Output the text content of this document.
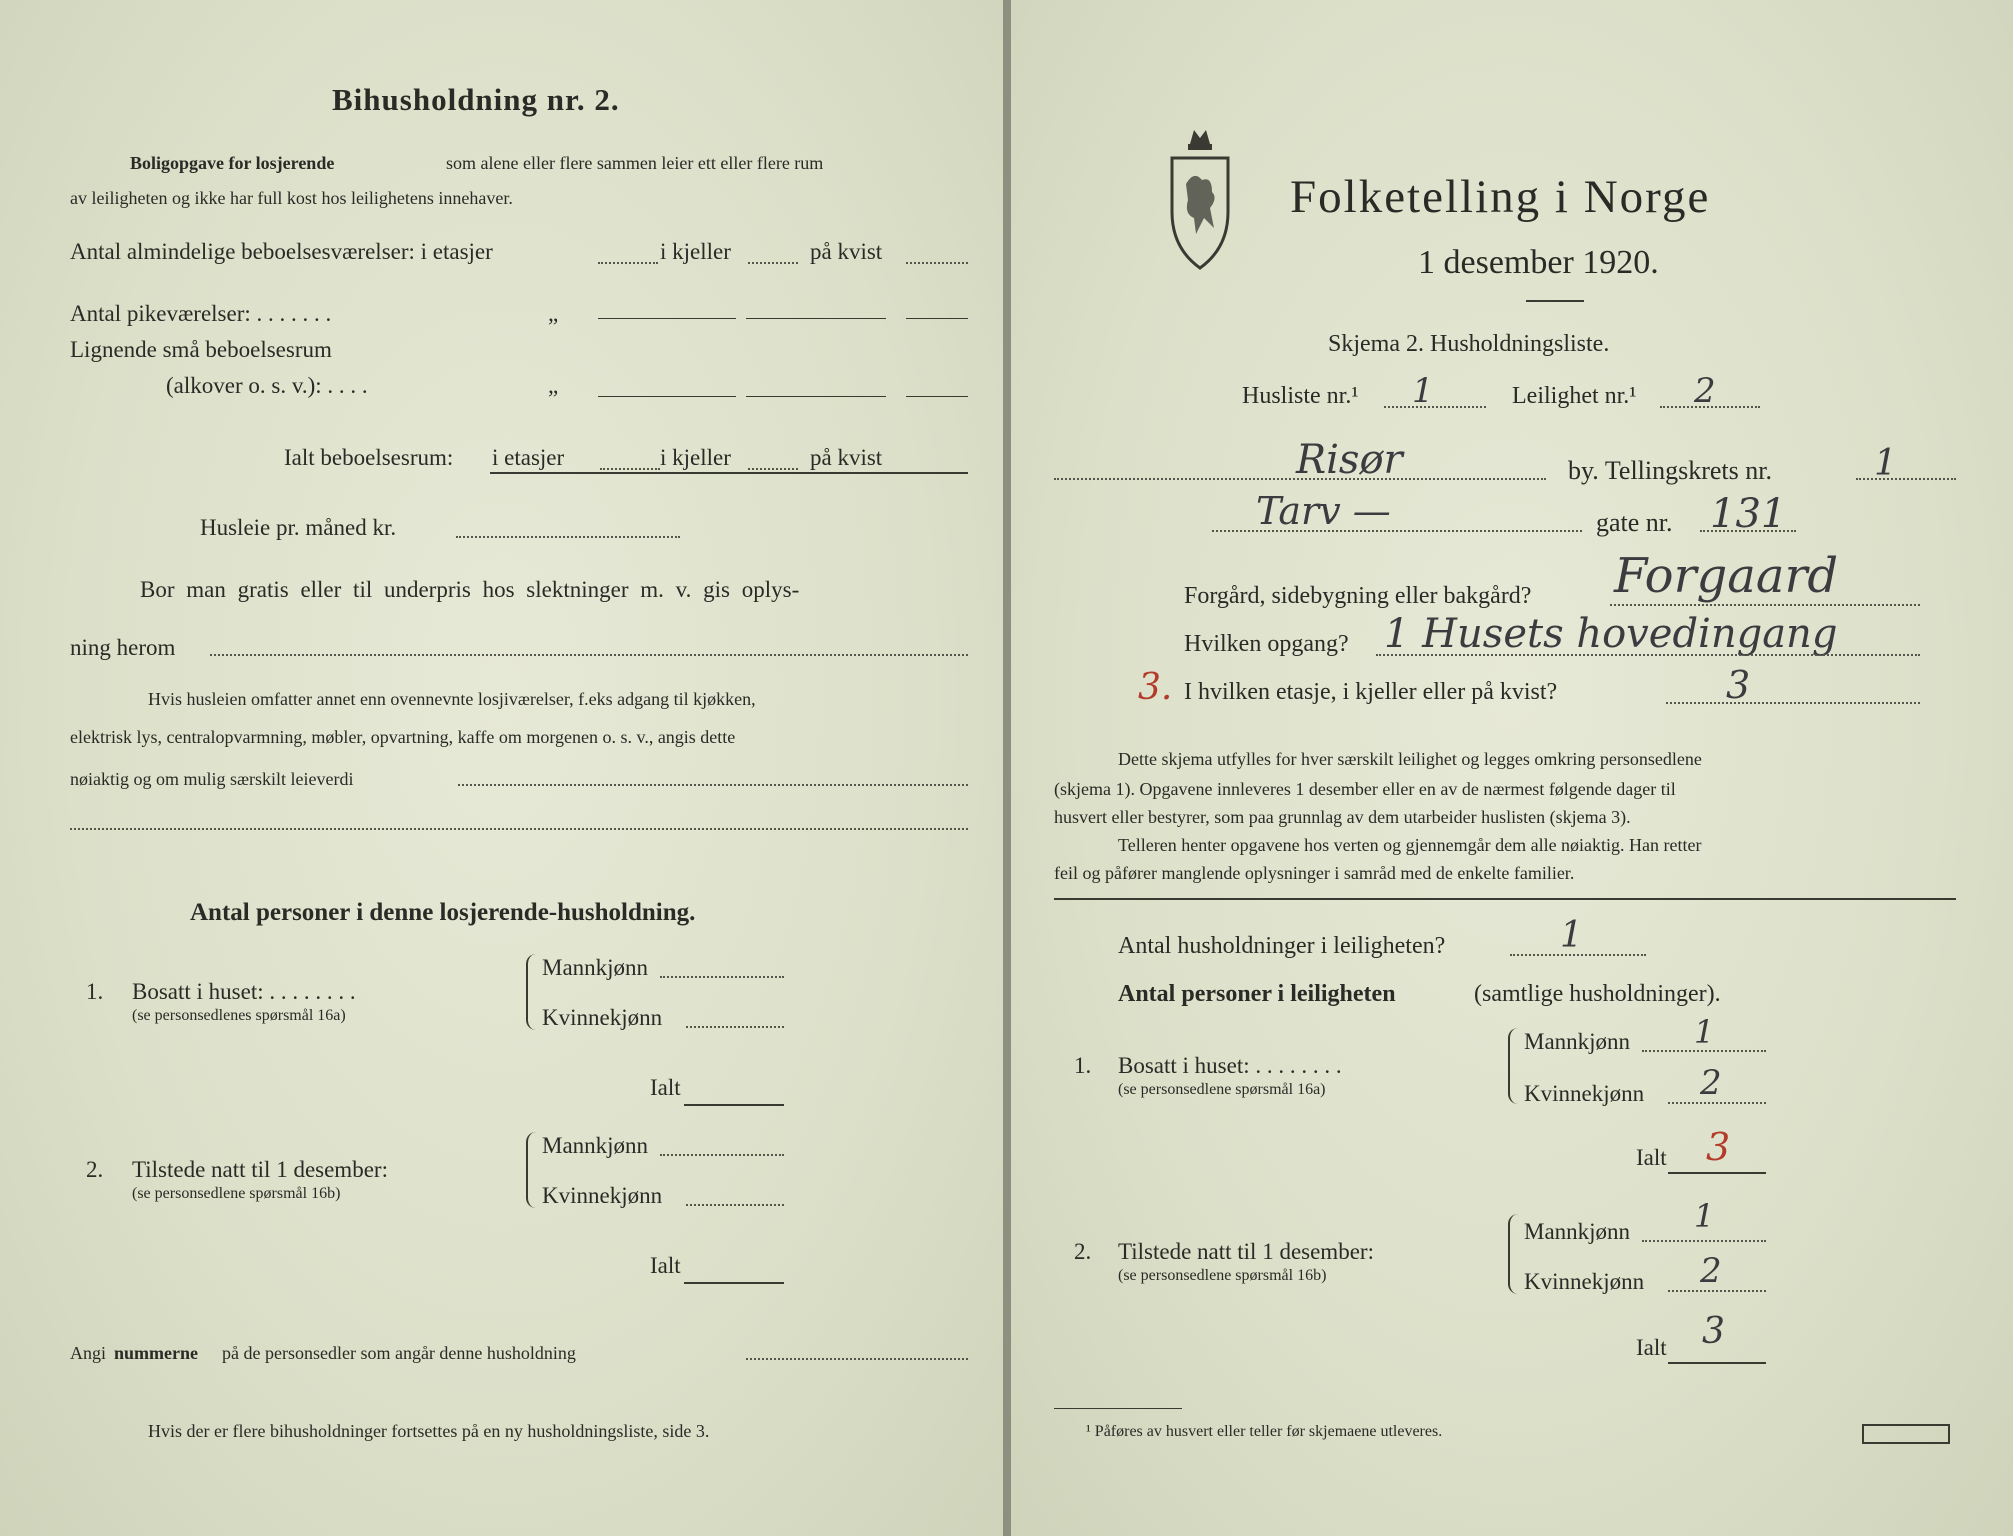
Bihusholdning nr. 2.
Boligopgave for losjerende	som alene eller flere sammen leier ett eller flere rum
av leiligheten og ikke har full kost hos leilighetens innehaver.
Antal almindelige beboelsesværelser: i etasjer	i kjeller	på kvist
Antal pikeværelser: . . . . . . .	„
Lignende små beboelsesrum
(alkover o. s. v.): . . . .	„
Ialt beboelsesrum: i etasjer	i kjeller	på kvist
Husleie pr. måned kr.
Bor man gratis eller til underpris hos slektninger m. v. gis oplys-
ning herom
Hvis husleien omfatter annet enn ovennevnte losjiværelser, f.eks adgang til kjøkken,
elektrisk lys, centralopvarmning, møbler, opvartning, kaffe om morgenen o. s. v., angis dette
nøiaktig og om mulig særskilt leieverdi
Antal personer i denne losjerende-husholdning.
1. Bosatt i huset: . . . . . . . .
(se personsedlenes spørsmål 16a)
Mannkjønn
Kvinnekjønn
Ialt
2. Tilstede natt til 1 desember:
(se personsedlene spørsmål 16b)
Mannkjønn
Kvinnekjønn
Ialt
Angi nummerne på de personsedler som angår denne husholdning
Hvis der er flere bihusholdninger fortsettes på en ny husholdningsliste, side 3.
Folketelling i Norge
1 desember 1920.
Skjema 2. Husholdningsliste.
Husliste nr.¹ 1	Leilighet nr.¹ 2
Risør	by. Tellingskrets nr.	1
Tarv —	gate nr. 131
Forgård, sidebygning eller bakgård? Forgaard
Hvilken opgang? 1 Husets hovedingang
3. I hvilken etasje, i kjeller eller på kvist?	3
Dette skjema utfylles for hver særskilt leilighet og legges omkring personsedlene
(skjema 1). Opgavene innleveres 1 desember eller en av de nærmest følgende dager til
husvert eller bestyrer, som paa grunnlag av dem utarbeider huslisten (skjema 3).
Telleren henter opgavene hos verten og gjennemgår dem alle nøiaktig. Han retter
feil og påfører manglende oplysninger i samråd med de enkelte familier.
Antal husholdninger i leiligheten?	1
Antal personer i leiligheten	(samtlige husholdninger).
1. Bosatt i huset: . . . . . . . .
(se personsedlene spørsmål 16a)
Mannkjønn 1
Kvinnekjønn 2
Ialt 3
2. Tilstede natt til 1 desember:
(se personsedlene spørsmål 16b)
Mannkjønn 1
Kvinnekjønn 2
Ialt 3
¹ Påføres av husvert eller teller før skjemaene utleveres.
